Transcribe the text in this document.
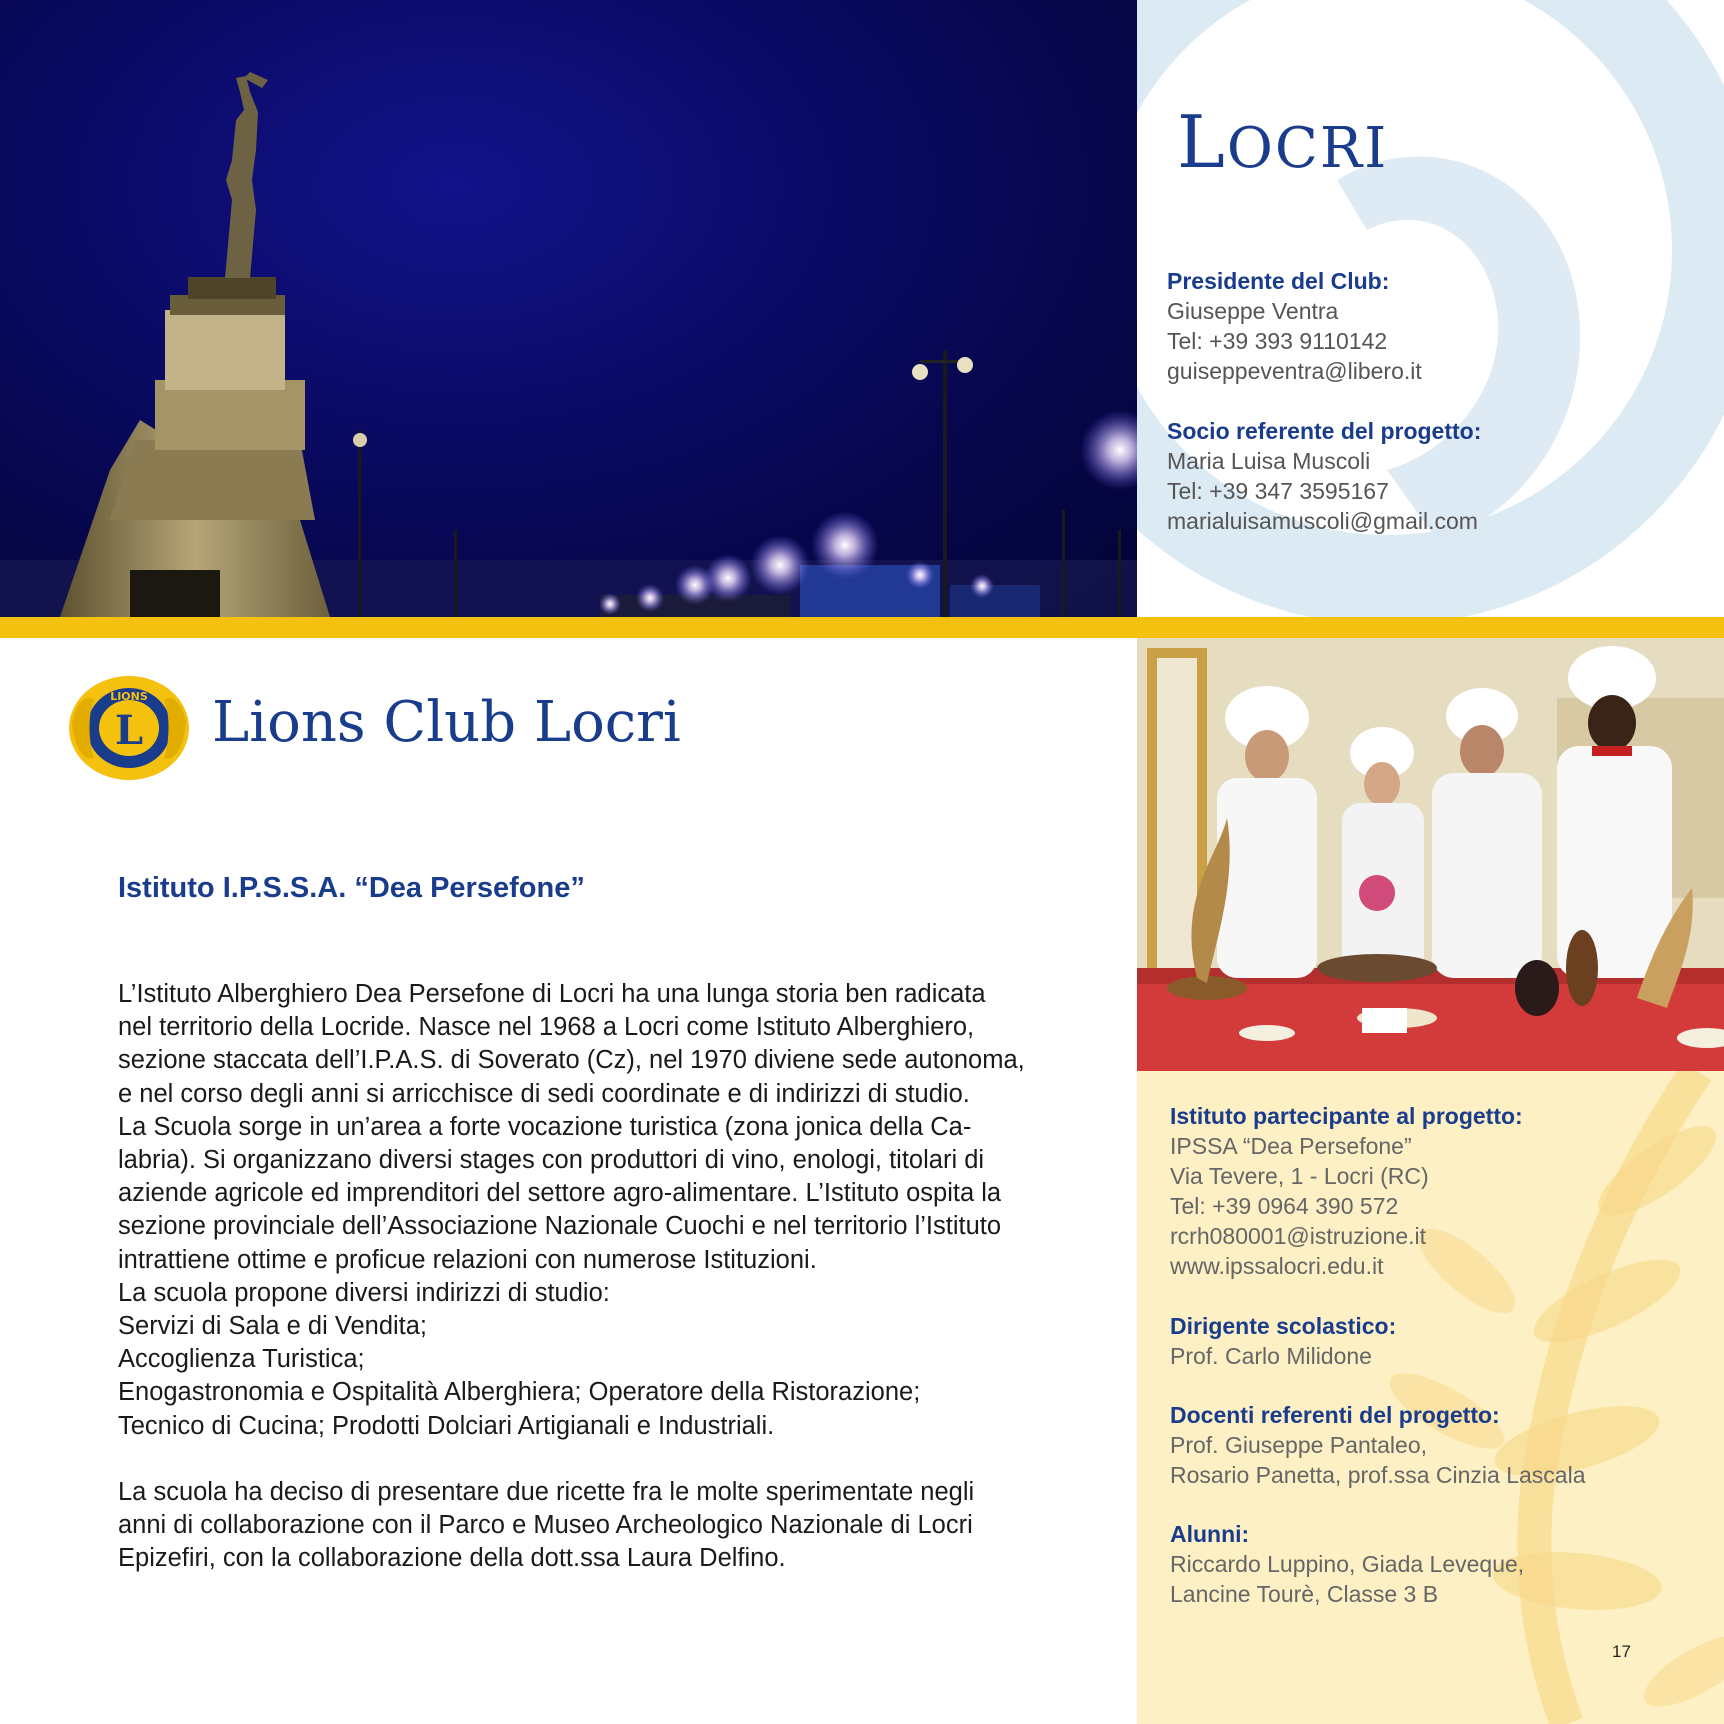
LOCRI
Presidente del Club:
Giuseppe Ventra
Tel: +39 393 9110142
guiseppeventra@libero.it
Socio referente del progetto:
Maria Luisa Muscoli
Tel: +39 347 3595167
marialuisamuscoli@gmail.com
L
LIONS Lions Club Locri
Istituto I.P.S.S.A. “Dea Persefone”

L’Istituto Alberghiero Dea Persefone di Locri ha una lunga storia ben radicata
nel territorio della Locride. Nasce nel 1968 a Locri come Istituto Alberghiero,
sezione staccata dell’I.P.A.S. di Soverato (Cz), nel 1970 diviene sede autonoma,
e nel corso degli anni si arricchisce di sedi coordinate e di indirizzi di studio.
La Scuola sorge in un’area a forte vocazione turistica (zona jonica della Ca-
labria). Si organizzano diversi stages con produttori di vino, enologi, titolari di
aziende agricole ed imprenditori del settore agro-alimentare. L’Istituto ospita la
sezione provinciale dell’Associazione Nazionale Cuochi e nel territorio l’Istituto
intrattiene ottime e proficue relazioni con numerose Istituzioni.
La scuola propone diversi indirizzi di studio:
Servizi di Sala e di Vendita;
Accoglienza Turistica;
Enogastronomia e Ospitalità Alberghiera; Operatore della Ristorazione;
Tecnico di Cucina; Prodotti Dolciari Artigianali e Industriali.

La scuola ha deciso di presentare due ricette fra le molte sperimentate negli
anni di collaborazione con il Parco e Museo Archeologico Nazionale di Locri
Epizefiri, con la collaborazione della dott.ssa Laura Delfino.

Istituto partecipante al progetto:
IPSSA “Dea Persefone”
Via Tevere, 1 - Locri (RC)
Tel: +39 0964 390 572
rcrh080001@istruzione.it
www.ipssalocri.edu.it
Dirigente scolastico:
Prof. Carlo Milidone
Docenti referenti del progetto:
Prof. Giuseppe Pantaleo,
Rosario Panetta, prof.ssa Cinzia Lascala
Alunni:
Riccardo Luppino, Giada Leveque,
Lancine Tourè, Classe 3 B
17
